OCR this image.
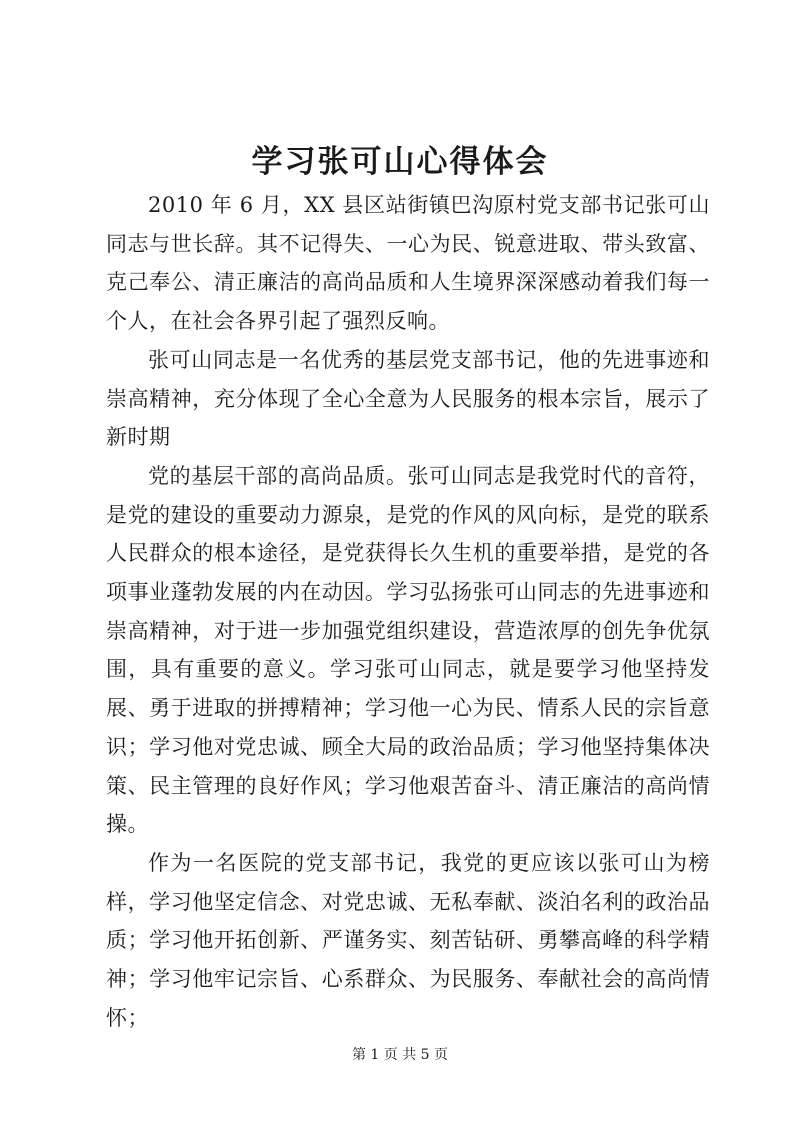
学习张可山心得体会

2010 年 6 月，XX 县区站街镇巴沟原村党支部书记张可山同志与世长辞。其不记得失、一心为民、锐意进取、带头致富、克己奉公、清正廉洁的高尚品质和人生境界深深感动着我们每一个人，在社会各界引起了强烈反响。

张可山同志是一名优秀的基层党支部书记，他的先进事迹和崇高精神，充分体现了全心全意为人民服务的根本宗旨，展示了新时期

党的基层干部的高尚品质。张可山同志是我党时代的音符，是党的建设的重要动力源泉，是党的作风的风向标，是党的联系人民群众的根本途径，是党获得长久生机的重要举措，是党的各项事业蓬勃发展的内在动因。学习弘扬张可山同志的先进事迹和崇高精神，对于进一步加强党组织建设，营造浓厚的创先争优氛围，具有重要的意义。学习张可山同志，就是要学习他坚持发展、勇于进取的拼搏精神；学习他一心为民、情系人民的宗旨意识；学习他对党忠诚、顾全大局的政治品质；学习他坚持集体决策、民主管理的良好作风；学习他艰苦奋斗、清正廉洁的高尚情操。

作为一名医院的党支部书记，我党的更应该以张可山为榜样，学习他坚定信念、对党忠诚、无私奉献、淡泊名利的政治品质；学习他开拓创新、严谨务实、刻苦钻研、勇攀高峰的科学精神；学习他牢记宗旨、心系群众、为民服务、奉献社会的高尚情怀；

第 1 页 共 5 页
